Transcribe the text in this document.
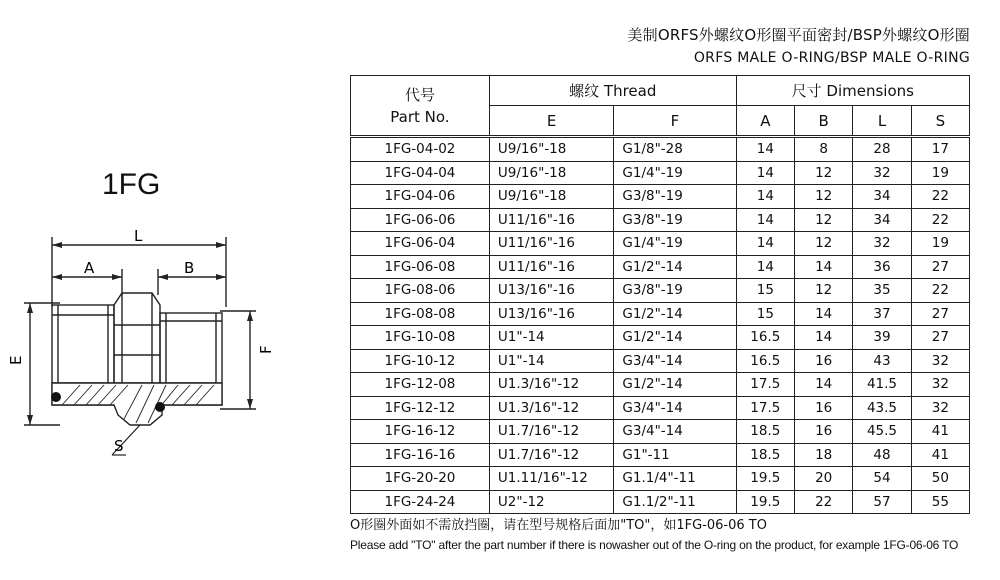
美制ORFS外螺纹O形圈平面密封/BSP外螺纹O形圈
ORFS MALE O-RING/BSP MALE O-RING
1FG
L
A	B
E
F
S
代号
Part No.	螺纹 Thread		尺寸 Dimensions			
	E	F	A	B	L	S
1FG-04-02	U9/16"-18	G1/8"-28	14	8	28	17
1FG-04-04	U9/16"-18	G1/4"-19	14	12	32	19
1FG-04-06	U9/16"-18	G3/8"-19	14	12	34	22
1FG-06-06	U11/16"-16	G3/8"-19	14	12	34	22
1FG-06-04	U11/16"-16	G1/4"-19	14	12	32	19
1FG-06-08	U11/16"-16	G1/2"-14	14	14	36	27
1FG-08-06	U13/16"-16	G3/8"-19	15	12	35	22
1FG-08-08	U13/16"-16	G1/2"-14	15	14	37	27
1FG-10-08	U1"-14	G1/2"-14	16.5	14	39	27
1FG-10-12	U1"-14	G3/4"-14	16.5	16	43	32
1FG-12-08	U1.3/16"-12	G1/2"-14	17.5	14	41.5	32
1FG-12-12	U1.3/16"-12	G3/4"-14	17.5	16	43.5	32
1FG-16-12	U1.7/16"-12	G3/4"-14	18.5	16	45.5	41
1FG-16-16	U1.7/16"-12	G1"-11	18.5	18	48	41
1FG-20-20	U1.11/16"-12	G1.1/4"-11	19.5	20	54	50
1FG-24-24	U2"-12	G1.1/2"-11	19.5	22	57	55
O形圈外面如不需放挡圈，请在型号规格后面加"TO"，如1FG-06-06 TO
Please add "TO" after the part number if there is nowasher out of the O-ring on the product, for example 1FG-06-06 TO
